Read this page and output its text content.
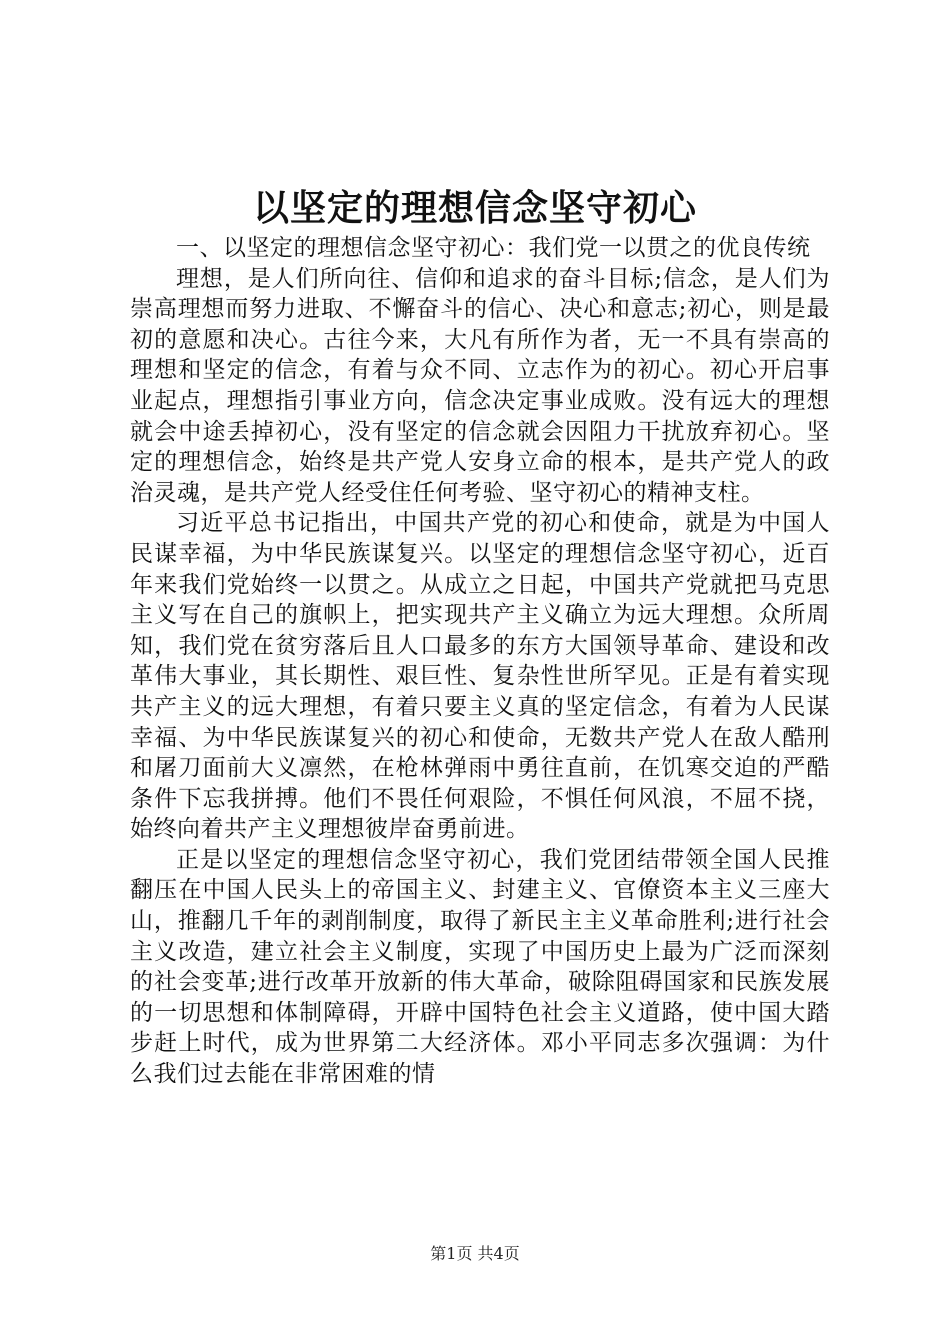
以坚定的理想信念坚守初心

一、以坚定的理想信念坚守初心：我们党一以贯之的优良传统

理想，是人们所向往、信仰和追求的奋斗目标;信念，是人们为崇高理想而努力进取、不懈奋斗的信心、决心和意志;初心，则是最初的意愿和决心。古往今来，大凡有所作为者，无一不具有崇高的理想和坚定的信念，有着与众不同、立志作为的初心。初心开启事业起点，理想指引事业方向，信念决定事业成败。没有远大的理想就会中途丢掉初心，没有坚定的信念就会因阻力干扰放弃初心。坚定的理想信念，始终是共产党人安身立命的根本，是共产党人的政治灵魂，是共产党人经受住任何考验、坚守初心的精神支柱。

习近平总书记指出，中国共产党的初心和使命，就是为中国人民谋幸福，为中华民族谋复兴。以坚定的理想信念坚守初心，近百年来我们党始终一以贯之。从成立之日起，中国共产党就把马克思主义写在自己的旗帜上，把实现共产主义确立为远大理想。众所周知，我们党在贫穷落后且人口最多的东方大国领导革命、建设和改革伟大事业，其长期性、艰巨性、复杂性世所罕见。正是有着实现共产主义的远大理想，有着只要主义真的坚定信念，有着为人民谋幸福、为中华民族谋复兴的初心和使命，无数共产党人在敌人酷刑和屠刀面前大义凛然，在枪林弹雨中勇往直前，在饥寒交迫的严酷条件下忘我拼搏。他们不畏任何艰险，不惧任何风浪，不屈不挠，始终向着共产主义理想彼岸奋勇前进。

正是以坚定的理想信念坚守初心，我们党团结带领全国人民推翻压在中国人民头上的帝国主义、封建主义、官僚资本主义三座大山，推翻几千年的剥削制度，取得了新民主主义革命胜利;进行社会主义改造，建立社会主义制度，实现了中国历史上最为广泛而深刻的社会变革;进行改革开放新的伟大革命，破除阻碍国家和民族发展的一切思想和体制障碍，开辟中国特色社会主义道路，使中国大踏步赶上时代，成为世界第二大经济体。邓小平同志多次强调：为什么我们过去能在非常困难的情

第1页 共4页
